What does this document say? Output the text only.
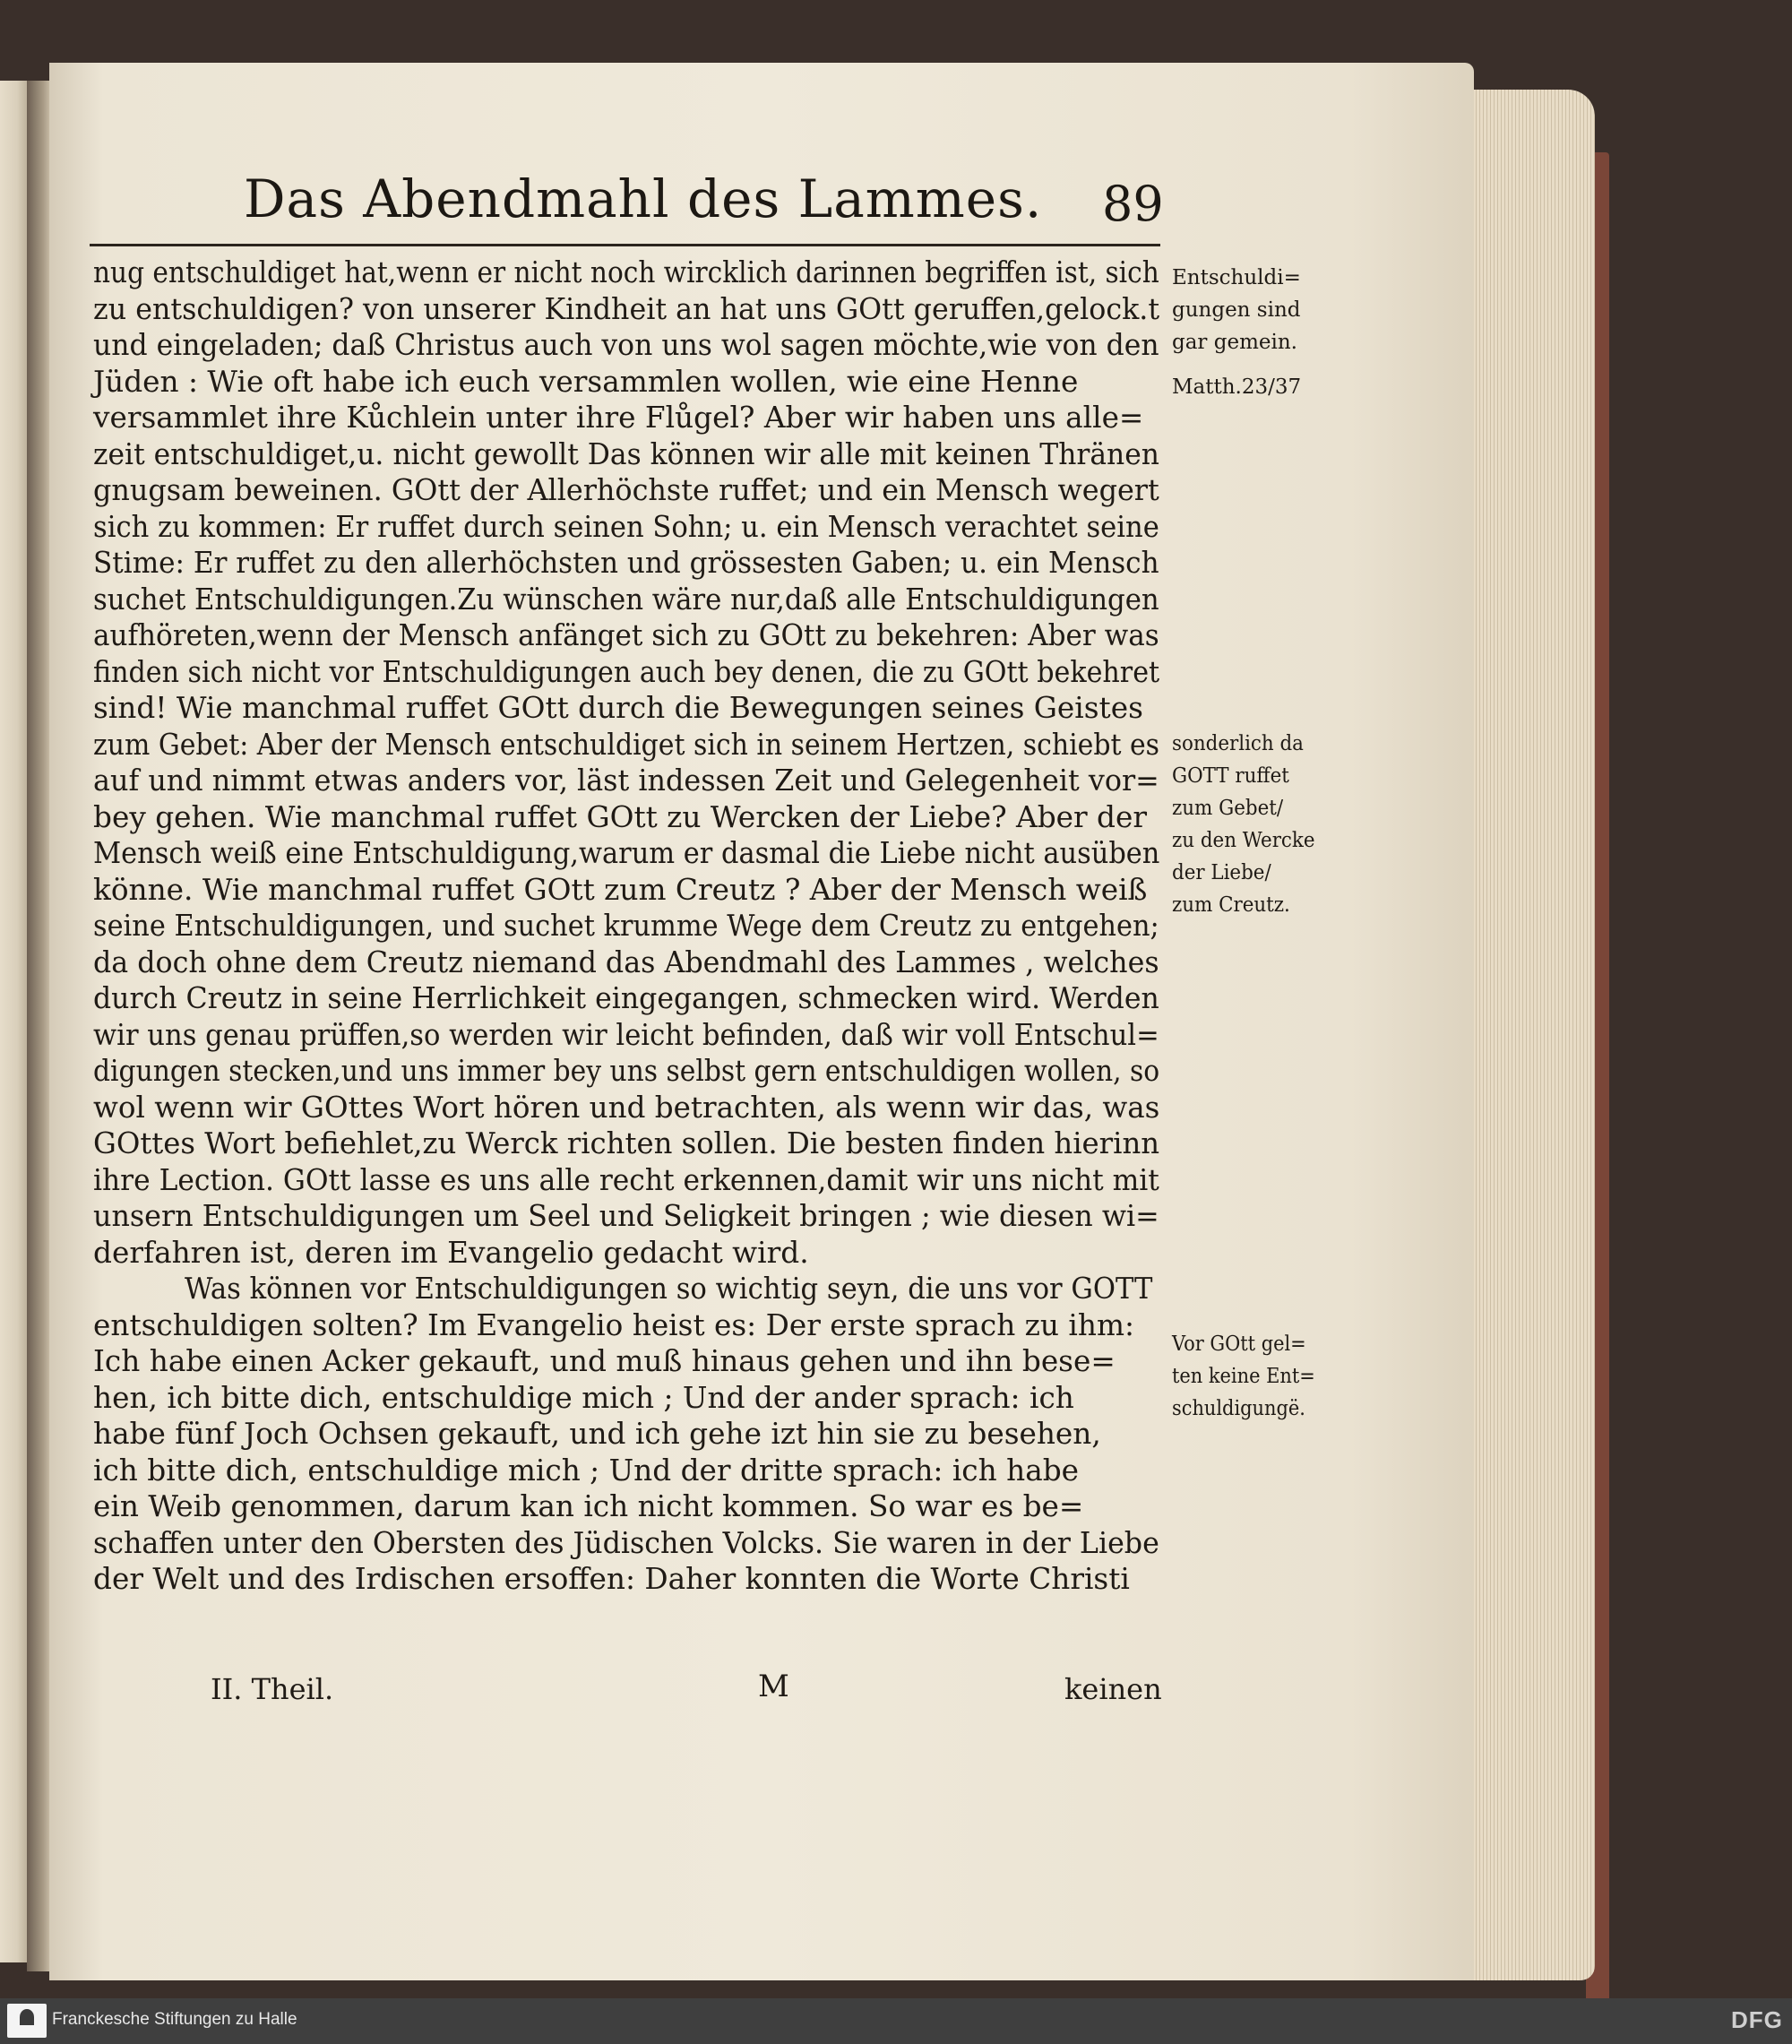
Das Abendmahl des Lammes. 89
nug entschuldiget hat,wenn er nicht noch wircklich darinnen begriffen ist, sich
zu entschuldigen? von unserer Kindheit an hat uns GOtt geruffen,gelock.t
und eingeladen; daß Christus auch von uns wol sagen möchte,wie von den
Jüden : Wie oft habe ich euch versammlen wollen, wie eine Henne
versammlet ihre Kůchlein unter ihre Flůgel? Aber wir haben uns alle=
zeit entschuldiget,u. nicht gewollt Das können wir alle mit keinen Thränen
gnugsam beweinen. GOtt der Allerhöchste ruffet; und ein Mensch wegert
sich zu kommen: Er ruffet durch seinen Sohn; u. ein Mensch verachtet seine
Stime: Er ruffet zu den allerhöchsten und grössesten Gaben; u. ein Mensch
suchet Entschuldigungen.Zu wünschen wäre nur,daß alle Entschuldigungen
aufhöreten,wenn der Mensch anfänget sich zu GOtt zu bekehren: Aber was
finden sich nicht vor Entschuldigungen auch bey denen, die zu GOtt bekehret
sind! Wie manchmal ruffet GOtt durch die Bewegungen seines Geistes
zum Gebet: Aber der Mensch entschuldiget sich in seinem Hertzen, schiebt es
auf und nimmt etwas anders vor, läst indessen Zeit und Gelegenheit vor=
bey gehen. Wie manchmal ruffet GOtt zu Wercken der Liebe? Aber der
Mensch weiß eine Entschuldigung,warum er dasmal die Liebe nicht ausüben
könne. Wie manchmal ruffet GOtt zum Creutz ? Aber der Mensch weiß
seine Entschuldigungen, und suchet krumme Wege dem Creutz zu entgehen;
da doch ohne dem Creutz niemand das Abendmahl des Lammes , welches
durch Creutz in seine Herrlichkeit eingegangen, schmecken wird. Werden
wir uns genau prüffen,so werden wir leicht befinden, daß wir voll Entschul=
digungen stecken,und uns immer bey uns selbst gern entschuldigen wollen, so
wol wenn wir GOttes Wort hören und betrachten, als wenn wir das, was
GOttes Wort befiehlet,zu Werck richten sollen. Die besten finden hierinn
ihre Lection. GOtt lasse es uns alle recht erkennen,damit wir uns nicht mit
unsern Entschuldigungen um Seel und Seligkeit bringen ; wie diesen wi=
derfahren ist, deren im Evangelio gedacht wird.
Was können vor Entschuldigungen so wichtig seyn, die uns vor GOTT
entschuldigen solten? Im Evangelio heist es: Der erste sprach zu ihm:
Ich habe einen Acker gekauft, und muß hinaus gehen und ihn bese=
hen, ich bitte dich, entschuldige mich ; Und der ander sprach: ich
habe fünf Joch Ochsen gekauft, und ich gehe izt hin sie zu besehen,
ich bitte dich, entschuldige mich ; Und der dritte sprach: ich habe
ein Weib genommen, darum kan ich nicht kommen. So war es be=
schaffen unter den Obersten des Jüdischen Volcks. Sie waren in der Liebe
der Welt und des Irdischen ersoffen: Daher konnten die Worte Christi
Entschuldi=
gungen sind
gar gemein.
Matth.23/37
sonderlich da
GOTT ruffet
zum Gebet/
zu den Wercke
der Liebe/
zum Creutz.
Vor GOtt gel=
ten keine Ent=
schuldigungë.
II. Theil.	M	keinen
Franckesche Stiftungen zu Halle	DFG
